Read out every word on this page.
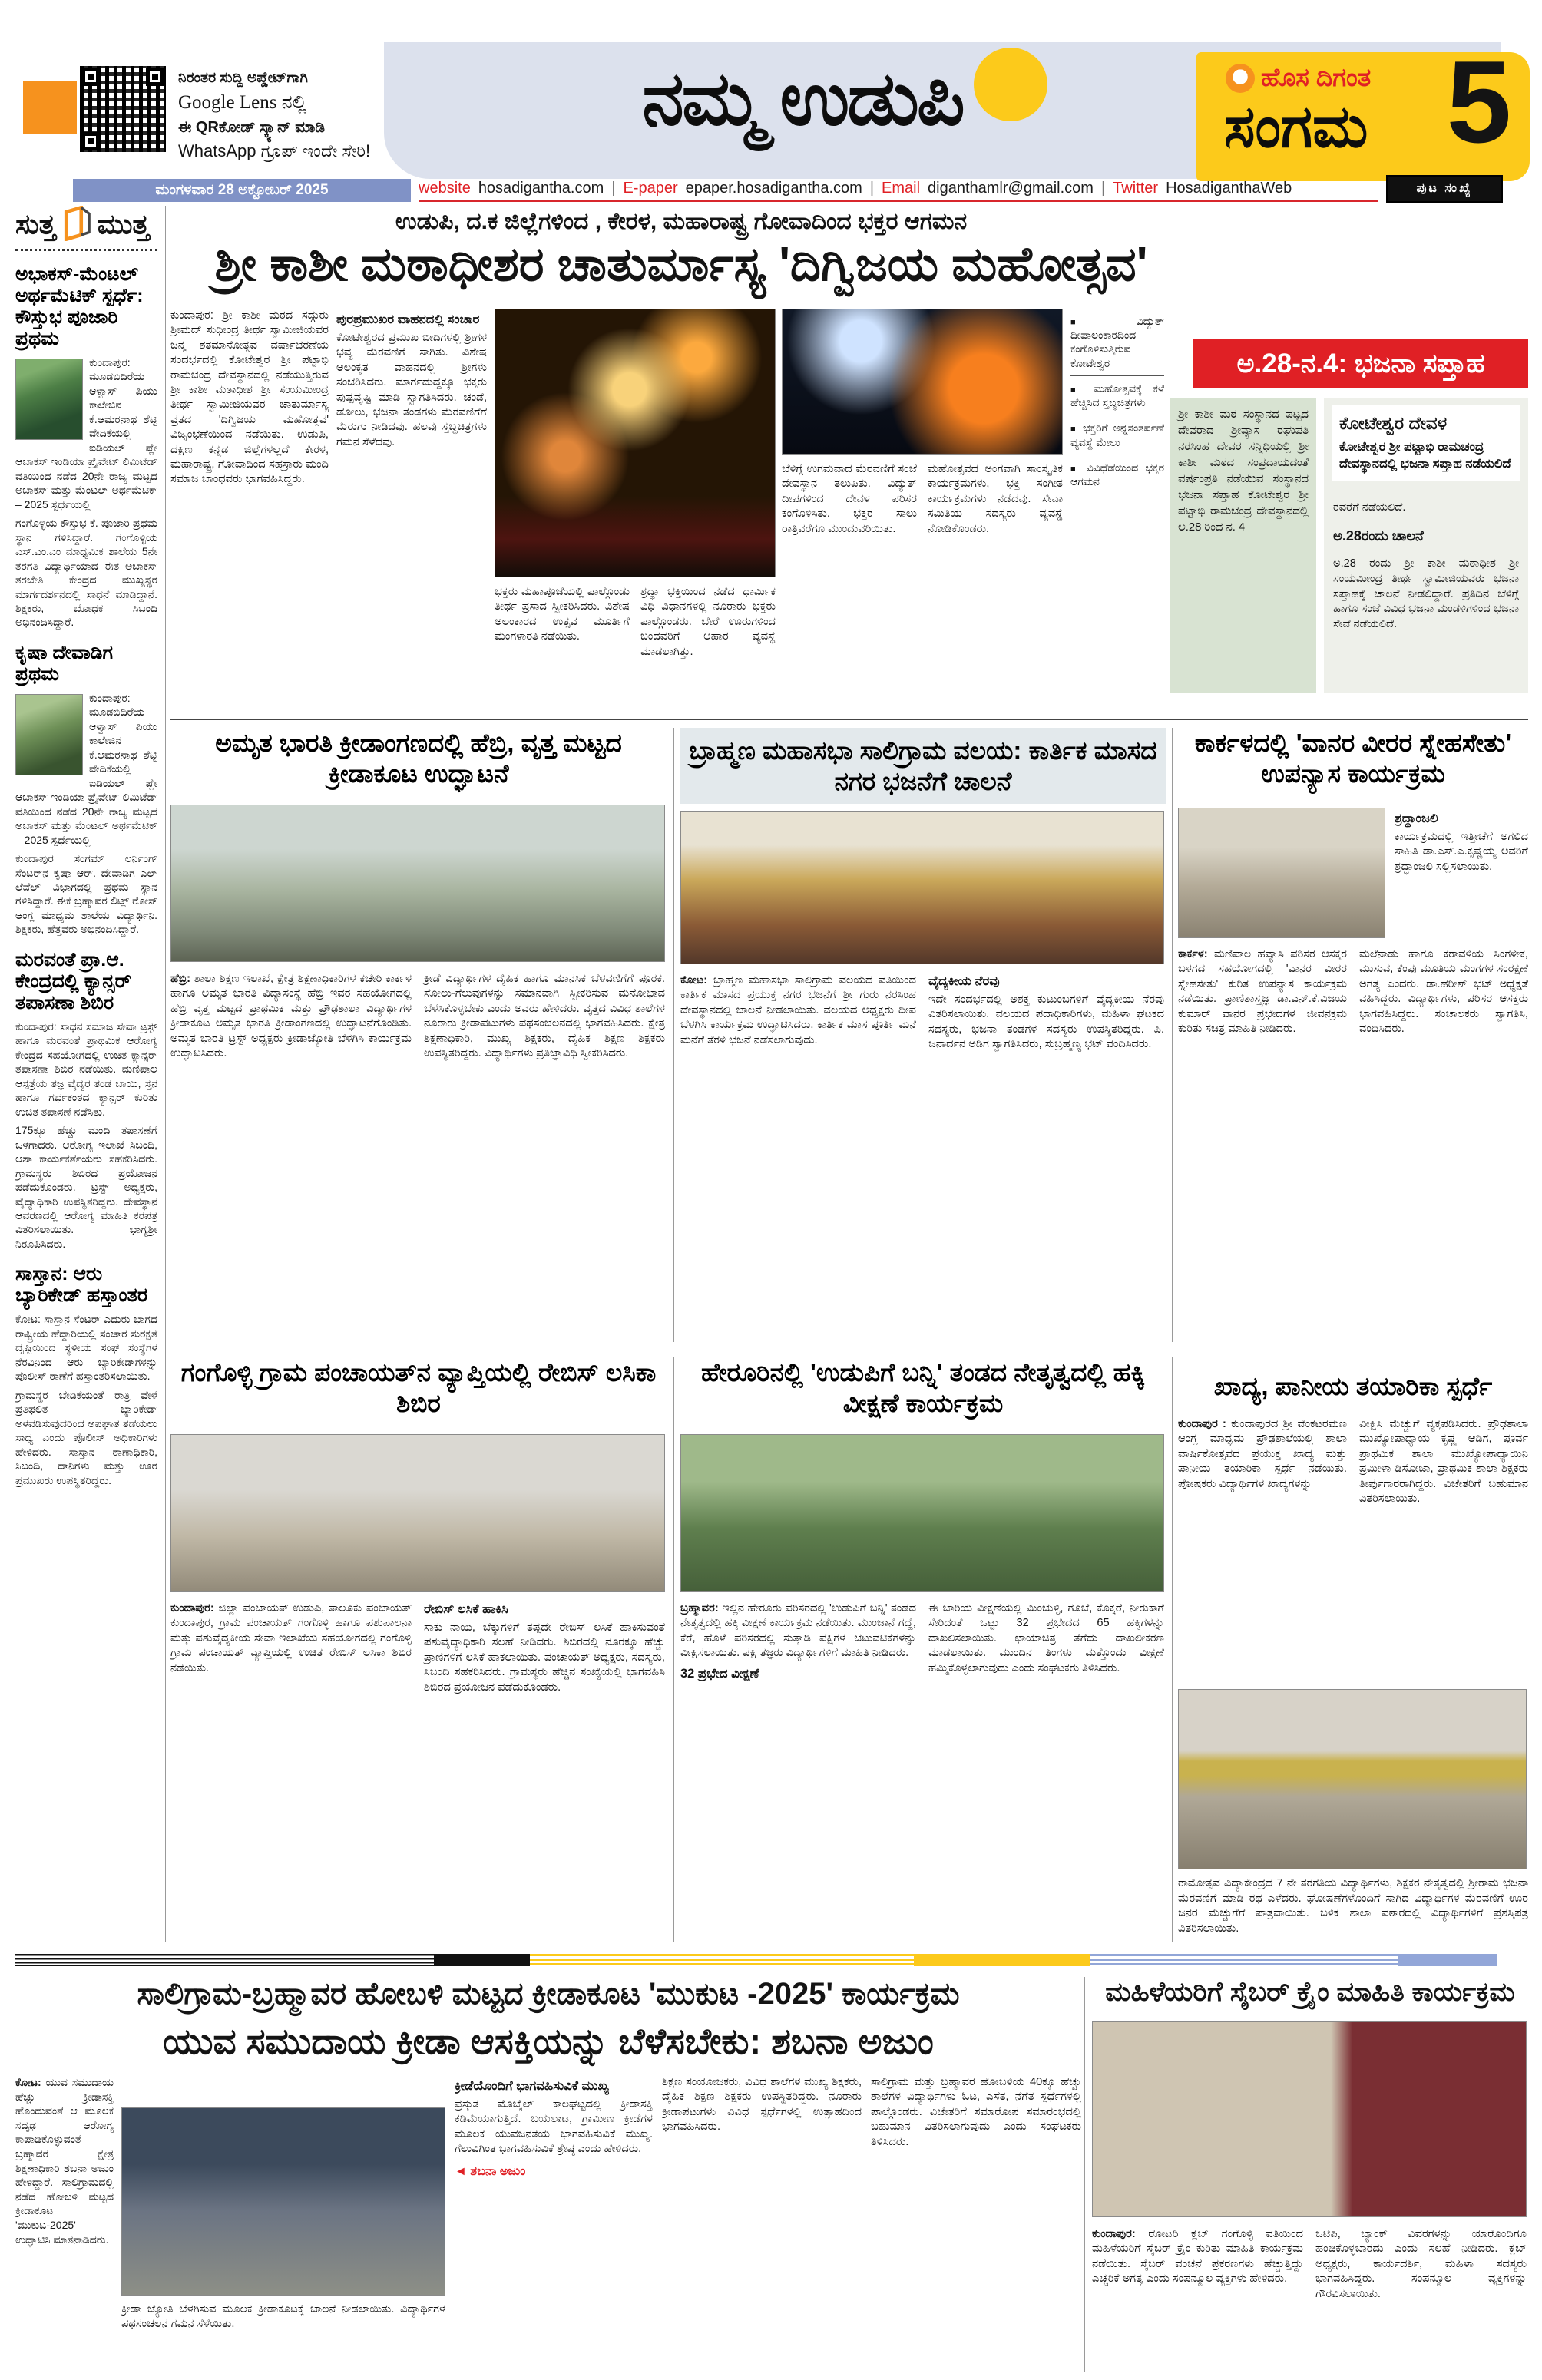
ನಿರಂತರ ಸುದ್ದಿ ಅಪ್ಡೇಟ್‌ಗಾಗಿ
Google Lens ನಲ್ಲಿ
ಈ QRಕೋಡ್ ಸ್ಕ್ಯಾನ್ ಮಾಡಿ
WhatsApp ಗ್ರೂಪ್ ಇಂದೇ ಸೇರಿ!
ನಮ್ಮ ಉಡುಪಿ	ಹೊಸ ದಿಗಂತ
ಸಂಗಮ 5
ಮಂಗಳವಾರ 28 ಅಕ್ಟೋಬರ್ 2025	website hosadigantha.com | E-paper epaper.hosadigantha.com | Email diganthamlr@gmail.com | Twitter HosadiganthaWeb	ಪುಟ ಸಂಖ್ಯೆ
ಸುತ್ತ ಮುತ್ತ
ಅಭಾಕಸ್-ಮೆಂಟಲ್ ಅರ್ಥಮೆಟಿಕ್ ಸ್ಪರ್ಧೆ: ಕೌಸ್ತುಭ ಪೂಜಾರಿ ಪ್ರಥಮ

ಕುಂದಾಪುರ: ಮೂಡಬಿದಿರೆಯ ಆಳ್ವಾಸ್ ಪಿಯು ಕಾಲೇಜಿನ ಕೆ.ಆಮರನಾಥ ಶೆಟ್ಟಿ ವೇದಿಕೆಯಲ್ಲಿ ಐಡಿಯಲ್ ಪ್ಲೇ ಆಬಾಕಸ್ ಇಂಡಿಯಾ ಪ್ರೈವೇಟ್ ಲಿಮಿಟೆಡ್ ವತಿಯಿಂದ ನಡೆದ 20ನೇ ರಾಜ್ಯ ಮಟ್ಟದ ಅಬಾಕಸ್ ಮತ್ತು ಮೆಂಟಲ್ ಅರ್ಥಮೆಟಿಕ್ – 2025 ಸ್ಪರ್ಧೆಯಲ್ಲಿ

ಗಂಗೊಳ್ಳಿಯ ಕೌಸ್ತುಭ ಕೆ. ಪೂಜಾರಿ ಪ್ರಥಮ ಸ್ಥಾನ ಗಳಿಸಿದ್ದಾರೆ. ಗಂಗೊಳ್ಳಿಯ ಎಸ್.ಎಂ.ಎಂ ಮಾಧ್ಯಮಿಕ ಶಾಲೆಯ 5ನೇ ತರಗತಿ ವಿದ್ಯಾರ್ಥಿಯಾದ ಈತ ಅಬಾಕಸ್ ತರಬೇತಿ ಕೇಂದ್ರದ ಮುಖ್ಯಸ್ಥರ ಮಾರ್ಗದರ್ಶನದಲ್ಲಿ ಸಾಧನೆ ಮಾಡಿದ್ದಾನೆ. ಶಿಕ್ಷಕರು, ಬೋಧಕ ಸಿಬಂದಿ ಅಭಿನಂದಿಸಿದ್ದಾರೆ.

ಕೃಷಾ ದೇವಾಡಿಗ ಪ್ರಥಮ

ಕುಂದಾಪುರ: ಮೂಡಬಿದಿರೆಯ ಆಳ್ವಾಸ್ ಪಿಯು ಕಾಲೇಜಿನ ಕೆ.ಆಮರನಾಥ ಶೆಟ್ಟಿ ವೇದಿಕೆಯಲ್ಲಿ ಐಡಿಯಲ್ ಪ್ಲೇ ಆಬಾಕಸ್ ಇಂಡಿಯಾ ಪ್ರೈವೇಟ್ ಲಿಮಿಟೆಡ್ ವತಿಯಿಂದ ನಡೆದ 20ನೇ ರಾಜ್ಯ ಮಟ್ಟದ ಅಬಾಕಸ್ ಮತ್ತು ಮೆಂಟಲ್ ಅರ್ಥಮೆಟಿಕ್ – 2025 ಸ್ಪರ್ಧೆಯಲ್ಲಿ

ಕುಂದಾಪುರ ಸಂಗಮ್ ಲರ್ನಿಂಗ್ ಸೆಂಟರ್‌ನ ಕೃಷಾ ಆರ್. ದೇವಾಡಿಗ ಎಲ್ ಲೆವೆಲ್ ವಿಭಾಗದಲ್ಲಿ ಪ್ರಥಮ ಸ್ಥಾನ ಗಳಿಸಿದ್ದಾರೆ. ಈಕೆ ಬ್ರಹ್ಮಾವರ ಲಿಟ್ಲ್ ರೋಸ್ ಆಂಗ್ಲ ಮಾಧ್ಯಮ ಶಾಲೆಯ ವಿದ್ಯಾರ್ಥಿನಿ. ಶಿಕ್ಷಕರು, ಹೆತ್ತವರು ಅಭಿನಂದಿಸಿದ್ದಾರೆ.

ಮರವಂತೆ ಪ್ರಾ.ಆ. ಕೇಂದ್ರದಲ್ಲಿ ಕ್ಯಾನ್ಸರ್ ತಪಾಸಣಾ ಶಿಬಿರ

ಕುಂದಾಪುರ: ಸಾಧನ ಸಮಾಜ ಸೇವಾ ಟ್ರಸ್ಟ್ ಹಾಗೂ ಮರವಂತೆ ಪ್ರಾಥಮಿಕ ಆರೋಗ್ಯ ಕೇಂದ್ರದ ಸಹಯೋಗದಲ್ಲಿ ಉಚಿತ ಕ್ಯಾನ್ಸರ್ ತಪಾಸಣಾ ಶಿಬಿರ ನಡೆಯಿತು. ಮಣಿಪಾಲ ಆಸ್ಪತ್ರೆಯ ತಜ್ಞ ವೈದ್ಯರ ತಂಡ ಬಾಯಿ, ಸ್ತನ ಹಾಗೂ ಗರ್ಭಕಂಠದ ಕ್ಯಾನ್ಸರ್ ಕುರಿತು ಉಚಿತ ತಪಾಸಣೆ ನಡೆಸಿತು.

175ಕ್ಕೂ ಹೆಚ್ಚು ಮಂದಿ ತಪಾಸಣೆಗೆ ಒಳಗಾದರು. ಆರೋಗ್ಯ ಇಲಾಖೆ ಸಿಬಂದಿ, ಆಶಾ ಕಾರ್ಯಕರ್ತೆಯರು ಸಹಕರಿಸಿದರು. ಗ್ರಾಮಸ್ಥರು ಶಿಬಿರದ ಪ್ರಯೋಜನ ಪಡೆದುಕೊಂಡರು. ಟ್ರಸ್ಟ್ ಅಧ್ಯಕ್ಷರು, ವೈದ್ಯಾಧಿಕಾರಿ ಉಪಸ್ಥಿತರಿದ್ದರು. ದೇವಸ್ಥಾನ ಆವರಣದಲ್ಲಿ ಆರೋಗ್ಯ ಮಾಹಿತಿ ಕರಪತ್ರ ವಿತರಿಸಲಾಯಿತು. ಭಾಗ್ಯಶ್ರೀ ನಿರೂಪಿಸಿದರು.

ಸಾಸ್ತಾನ: ಆರು ಬ್ಯಾರಿಕೇಡ್ ಹಸ್ತಾಂತರ

ಕೋಟ: ಸಾಸ್ತಾನ ಸೆಂಟರ್ ಎದುರು ಭಾಗದ ರಾಷ್ಟ್ರೀಯ ಹೆದ್ದಾರಿಯಲ್ಲಿ ಸಂಚಾರ ಸುರಕ್ಷತೆ ದೃಷ್ಟಿಯಿಂದ ಸ್ಥಳೀಯ ಸಂಘ ಸಂಸ್ಥೆಗಳ ನೆರವಿನಿಂದ ಆರು ಬ್ಯಾರಿಕೇಡ್‌ಗಳನ್ನು ಪೊಲೀಸ್ ಠಾಣೆಗೆ ಹಸ್ತಾಂತರಿಸಲಾಯಿತು.

ಗ್ರಾಮಸ್ಥರ ಬೇಡಿಕೆಯಂತೆ ರಾತ್ರಿ ವೇಳೆ ಪ್ರತಿಫಲಿತ ಬ್ಯಾರಿಕೇಡ್ ಅಳವಡಿಸುವುದರಿಂದ ಅಪಘಾತ ತಡೆಯಲು ಸಾಧ್ಯ ಎಂದು ಪೊಲೀಸ್ ಅಧಿಕಾರಿಗಳು ಹೇಳಿದರು. ಸಾಸ್ತಾನ ಠಾಣಾಧಿಕಾರಿ, ಸಿಬಂದಿ, ದಾನಿಗಳು ಮತ್ತು ಊರ ಪ್ರಮುಖರು ಉಪಸ್ಥಿತರಿದ್ದರು.

ಉಡುಪಿ, ದ.ಕ ಜಿಲ್ಲೆಗಳಿಂದ , ಕೇರಳ, ಮಹಾರಾಷ್ಟ್ರ ಗೋವಾದಿಂದ ಭಕ್ತರ ಆಗಮನ
ಶ್ರೀ ಕಾಶೀ ಮಠಾಧೀಶರ ಚಾತುರ್ಮಾಸ್ಯ 'ದಿಗ್ವಿಜಯ ಮಹೋತ್ಸವ'
ಅ.28-ನ.4: ಭಜನಾ ಸಪ್ತಾಹ
ಕುಂದಾಪುರ: ಶ್ರೀ ಕಾಶೀ ಮಠದ ಸದ್ಗುರು ಶ್ರೀಮದ್ ಸುಧೀಂದ್ರ ತೀರ್ಥ ಸ್ವಾಮೀಜಿಯವರ ಜನ್ಮ ಶತಮಾನೋತ್ಸವ ವರ್ಷಾಚರಣೆಯ ಸಂದರ್ಭದಲ್ಲಿ ಕೋಟೇಶ್ವರ ಶ್ರೀ ಪಟ್ಟಾಭಿ ರಾಮಚಂದ್ರ ದೇವಸ್ಥಾನದಲ್ಲಿ ನಡೆಯುತ್ತಿರುವ ಶ್ರೀ ಕಾಶೀ ಮಠಾಧೀಶ ಶ್ರೀ ಸಂಯಮೀಂದ್ರ ತೀರ್ಥ ಸ್ವಾಮೀಜಿಯವರ ಚಾತುರ್ಮಾಸ್ಯ ವ್ರತದ 'ದಿಗ್ವಿಜಯ ಮಹೋತ್ಸವ' ವಿಜೃಂಭಣೆಯಿಂದ ನಡೆಯಿತು. ಉಡುಪಿ, ದಕ್ಷಿಣ ಕನ್ನಡ ಜಿಲ್ಲೆಗಳಲ್ಲದೆ ಕೇರಳ, ಮಹಾರಾಷ್ಟ್ರ, ಗೋವಾದಿಂದ ಸಹಸ್ರಾರು ಮಂದಿ ಸಮಾಜ ಬಾಂಧವರು ಭಾಗವಹಿಸಿದ್ದರು.
ಪುರಪ್ರಮುಖರ ವಾಹನದಲ್ಲಿ ಸಂಚಾರ
ಕೋಟೇಶ್ವರದ ಪ್ರಮುಖ ಬೀದಿಗಳಲ್ಲಿ ಶ್ರೀಗಳ ಭವ್ಯ ಮೆರವಣಿಗೆ ಸಾಗಿತು. ವಿಶೇಷ ಅಲಂಕೃತ ವಾಹನದಲ್ಲಿ ಶ್ರೀಗಳು ಸಂಚರಿಸಿದರು. ಮಾರ್ಗದುದ್ದಕ್ಕೂ ಭಕ್ತರು ಪುಷ್ಪವೃಷ್ಟಿ ಮಾಡಿ ಸ್ವಾಗತಿಸಿದರು. ಚಂಡೆ, ಡೋಲು, ಭಜನಾ ತಂಡಗಳು ಮೆರವಣಿಗೆಗೆ ಮೆರುಗು ನೀಡಿದವು. ಹಲವು ಸ್ತಬ್ಧಚಿತ್ರಗಳು ಗಮನ ಸೆಳೆದವು.
ಭಕ್ತರು ಮಹಾಪೂಜೆಯಲ್ಲಿ ಪಾಲ್ಗೊಂಡು ತೀರ್ಥ ಪ್ರಸಾದ ಸ್ವೀಕರಿಸಿದರು. ವಿಶೇಷ ಅಲಂಕಾರದ ಉತ್ಸವ ಮೂರ್ತಿಗೆ ಮಂಗಳಾರತಿ ನಡೆಯಿತು.
ಶ್ರದ್ಧಾ ಭಕ್ತಿಯಿಂದ ನಡೆದ ಧಾರ್ಮಿಕ ವಿಧಿ ವಿಧಾನಗಳಲ್ಲಿ ನೂರಾರು ಭಕ್ತರು ಪಾಲ್ಗೊಂಡರು. ಬೇರೆ ಊರುಗಳಿಂದ ಬಂದವರಿಗೆ ಆಹಾರ ವ್ಯವಸ್ಥೆ ಮಾಡಲಾಗಿತ್ತು.
ಬೆಳಿಗ್ಗೆ ಉಗಮವಾದ ಮೆರವಣಿಗೆ ಸಂಜೆ ದೇವಸ್ಥಾನ ತಲುಪಿತು. ವಿದ್ಯುತ್ ದೀಪಗಳಿಂದ ದೇವಳ ಪರಿಸರ ಕಂಗೊಳಿಸಿತು. ಭಕ್ತರ ಸಾಲು ರಾತ್ರಿವರೆಗೂ ಮುಂದುವರಿಯಿತು.
ಮಹೋತ್ಸವದ ಅಂಗವಾಗಿ ಸಾಂಸ್ಕೃತಿಕ ಕಾರ್ಯಕ್ರಮಗಳು, ಭಕ್ತಿ ಸಂಗೀತ ಕಾರ್ಯಕ್ರಮಗಳು ನಡೆದವು. ಸೇವಾ ಸಮಿತಿಯ ಸದಸ್ಯರು ವ್ಯವಸ್ಥೆ ನೋಡಿಕೊಂಡರು.
■ ವಿದ್ಯುತ್ ದೀಪಾಲಂಕಾರದಿಂದ ಕಂಗೊಳಿಸುತ್ತಿರುವ ಕೋಟೇಶ್ವರ
■ ಮಹೋತ್ಸವಕ್ಕೆ ಕಳೆ ಹೆಚ್ಚಿಸಿದ ಸ್ತಬ್ಧಚಿತ್ರಗಳು
■ ಭಕ್ತರಿಗೆ ಅನ್ನಸಂತರ್ಪಣೆ ವ್ಯವಸ್ಥೆ ಮೇಲು
■ ವಿವಿಧೆಡೆಯಿಂದ ಭಕ್ತರ ಆಗಮನ
ಶ್ರೀ ಕಾಶೀ ಮಠ ಸಂಸ್ಥಾನದ ಪಟ್ಟದ ದೇವರಾದ ಶ್ರೀವ್ಯಾಸ ರಘುಪತಿ ನರಸಿಂಹ ದೇವರ ಸನ್ನಿಧಿಯಲ್ಲಿ ಶ್ರೀ ಕಾಶೀ ಮಠದ ಸಂಪ್ರದಾಯದಂತೆ ವರ್ಷಂಪ್ರತಿ ನಡೆಯುವ ಸಂಸ್ಥಾನದ ಭಜನಾ ಸಪ್ತಾಹ ಕೋಟೇಶ್ವರ ಶ್ರೀ ಪಟ್ಟಾಭಿ ರಾಮಚಂದ್ರ ದೇವಸ್ಥಾನದಲ್ಲಿ ಅ.28 ರಿಂದ ನ. 4
ಕೋಟೇಶ್ವರ ದೇವಳ
ಕೋಟೇಶ್ವರ ಶ್ರೀ ಪಟ್ಟಾಭಿ ರಾಮಚಂದ್ರ ದೇವಸ್ಥಾನದಲ್ಲಿ ಭಜನಾ ಸಪ್ತಾಹ ನಡೆಯಲಿದೆ

ರವರೆಗೆ ನಡೆಯಲಿದೆ.

ಅ.28ರಂದು ಚಾಲನೆ

ಅ.28 ರಂದು ಶ್ರೀ ಕಾಶೀ ಮಠಾಧೀಶ ಶ್ರೀ ಸಂಯಮೀಂದ್ರ ತೀರ್ಥ ಸ್ವಾಮೀಜಿಯವರು ಭಜನಾ ಸಪ್ತಾಹಕ್ಕೆ ಚಾಲನೆ ನೀಡಲಿದ್ದಾರೆ. ಪ್ರತಿದಿನ ಬೆಳಿಗ್ಗೆ ಹಾಗೂ ಸಂಜೆ ವಿವಿಧ ಭಜನಾ ಮಂಡಳಿಗಳಿಂದ ಭಜನಾ ಸೇವೆ ನಡೆಯಲಿದೆ.

ಅಮೃತ ಭಾರತಿ ಕ್ರೀಡಾಂಗಣದಲ್ಲಿ ಹೆಬ್ರಿ, ವೃತ್ತ ಮಟ್ಟದ ಕ್ರೀಡಾಕೂಟ ಉದ್ಘಾಟನೆ

ಹೆಬ್ರಿ: ಶಾಲಾ ಶಿಕ್ಷಣ ಇಲಾಖೆ, ಕ್ಷೇತ್ರ ಶಿಕ್ಷಣಾಧಿಕಾರಿಗಳ ಕಚೇರಿ ಕಾರ್ಕಳ ಹಾಗೂ ಅಮೃತ ಭಾರತಿ ವಿದ್ಯಾಸಂಸ್ಥೆ ಹೆಬ್ರಿ ಇವರ ಸಹಯೋಗದಲ್ಲಿ ಹೆಬ್ರಿ ವೃತ್ತ ಮಟ್ಟದ ಪ್ರಾಥಮಿಕ ಮತ್ತು ಪ್ರೌಢಶಾಲಾ ವಿದ್ಯಾರ್ಥಿಗಳ ಕ್ರೀಡಾಕೂಟ ಅಮೃತ ಭಾರತಿ ಕ್ರೀಡಾಂಗಣದಲ್ಲಿ ಉದ್ಘಾಟನೆಗೊಂಡಿತು. ಅಮೃತ ಭಾರತಿ ಟ್ರಸ್ಟ್ ಅಧ್ಯಕ್ಷರು ಕ್ರೀಡಾಜ್ಯೋತಿ ಬೆಳಗಿಸಿ ಕಾರ್ಯಕ್ರಮ ಉದ್ಘಾಟಿಸಿದರು.

ಕ್ರೀಡೆ ವಿದ್ಯಾರ್ಥಿಗಳ ದೈಹಿಕ ಹಾಗೂ ಮಾನಸಿಕ ಬೆಳವಣಿಗೆಗೆ ಪೂರಕ. ಸೋಲು-ಗೆಲುವುಗಳನ್ನು ಸಮಾನವಾಗಿ ಸ್ವೀಕರಿಸುವ ಮನೋಭಾವ ಬೆಳೆಸಿಕೊಳ್ಳಬೇಕು ಎಂದು ಅವರು ಹೇಳಿದರು. ವೃತ್ತದ ವಿವಿಧ ಶಾಲೆಗಳ ನೂರಾರು ಕ್ರೀಡಾಪಟುಗಳು ಪಥಸಂಚಲನದಲ್ಲಿ ಭಾಗವಹಿಸಿದರು. ಕ್ಷೇತ್ರ ಶಿಕ್ಷಣಾಧಿಕಾರಿ, ಮುಖ್ಯ ಶಿಕ್ಷಕರು, ದೈಹಿಕ ಶಿಕ್ಷಣ ಶಿಕ್ಷಕರು ಉಪಸ್ಥಿತರಿದ್ದರು. ವಿದ್ಯಾರ್ಥಿಗಳು ಪ್ರತಿಜ್ಞಾವಿಧಿ ಸ್ವೀಕರಿಸಿದರು.

ಬ್ರಾಹ್ಮಣ ಮಹಾಸಭಾ ಸಾಲಿಗ್ರಾಮ ವಲಯ: ಕಾರ್ತಿಕ ಮಾಸದ ನಗರ ಭಜನೆಗೆ ಚಾಲನೆ

ಕೋಟ: ಬ್ರಾಹ್ಮಣ ಮಹಾಸಭಾ ಸಾಲಿಗ್ರಾಮ ವಲಯದ ವತಿಯಿಂದ ಕಾರ್ತಿಕ ಮಾಸದ ಪ್ರಯುಕ್ತ ನಗರ ಭಜನೆಗೆ ಶ್ರೀ ಗುರು ನರಸಿಂಹ ದೇವಸ್ಥಾನದಲ್ಲಿ ಚಾಲನೆ ನೀಡಲಾಯಿತು. ವಲಯದ ಅಧ್ಯಕ್ಷರು ದೀಪ ಬೆಳಗಿಸಿ ಕಾರ್ಯಕ್ರಮ ಉದ್ಘಾಟಿಸಿದರು. ಕಾರ್ತಿಕ ಮಾಸ ಪೂರ್ತಿ ಮನೆ ಮನೆಗೆ ತೆರಳಿ ಭಜನೆ ನಡೆಸಲಾಗುವುದು.

ವೈದ್ಯಕೀಯ ನೆರವು

ಇದೇ ಸಂದರ್ಭದಲ್ಲಿ ಅಶಕ್ತ ಕುಟುಂಬಗಳಿಗೆ ವೈದ್ಯಕೀಯ ನೆರವು ವಿತರಿಸಲಾಯಿತು. ವಲಯದ ಪದಾಧಿಕಾರಿಗಳು, ಮಹಿಳಾ ಘಟಕದ ಸದಸ್ಯರು, ಭಜನಾ ತಂಡಗಳ ಸದಸ್ಯರು ಉಪಸ್ಥಿತರಿದ್ದರು. ಪಿ. ಜನಾರ್ದನ ಅಡಿಗ ಸ್ವಾಗತಿಸಿದರು, ಸುಬ್ರಹ್ಮಣ್ಯ ಭಟ್ ವಂದಿಸಿದರು.

ಕಾರ್ಕಳದಲ್ಲಿ 'ವಾನರ ವೀರರ ಸ್ನೇಹಸೇತು' ಉಪನ್ಯಾಸ ಕಾರ್ಯಕ್ರಮ
ಶ್ರದ್ಧಾಂಜಲಿ
ಕಾರ್ಯಕ್ರಮದಲ್ಲಿ ಇತ್ತೀಚೆಗೆ ಅಗಲಿದ ಸಾಹಿತಿ ಡಾ.ಎಸ್.ಎ.ಕೃಷ್ಣಯ್ಯ ಅವರಿಗೆ ಶ್ರದ್ಧಾಂಜಲಿ ಸಲ್ಲಿಸಲಾಯಿತು.

ಕಾರ್ಕಳ: ಮಣಿಪಾಲ ಹವ್ಯಾಸಿ ಪರಿಸರ ಆಸಕ್ತರ ಬಳಗದ ಸಹಯೋಗದಲ್ಲಿ 'ವಾನರ ವೀರರ ಸ್ನೇಹಸೇತು' ಕುರಿತ ಉಪನ್ಯಾಸ ಕಾರ್ಯಕ್ರಮ ನಡೆಯಿತು. ಪ್ರಾಣಿಶಾಸ್ತ್ರಜ್ಞ ಡಾ.ಎನ್.ಕೆ.ವಿಜಯ ಕುಮಾರ್ ವಾನರ ಪ್ರಭೇದಗಳ ಜೀವನಕ್ರಮ ಕುರಿತು ಸಚಿತ್ರ ಮಾಹಿತಿ ನೀಡಿದರು.

ಮಲೆನಾಡು ಹಾಗೂ ಕರಾವಳಿಯ ಸಿಂಗಳೀಕ, ಮುಸುವ, ಕೆಂಪು ಮೂತಿಯ ಮಂಗಗಳ ಸಂರಕ್ಷಣೆ ಅಗತ್ಯ ಎಂದರು. ಡಾ.ಹರೀಶ್ ಭಟ್ ಅಧ್ಯಕ್ಷತೆ ವಹಿಸಿದ್ದರು. ವಿದ್ಯಾರ್ಥಿಗಳು, ಪರಿಸರ ಆಸಕ್ತರು ಭಾಗವಹಿಸಿದ್ದರು. ಸಂಚಾಲಕರು ಸ್ವಾಗತಿಸಿ, ವಂದಿಸಿದರು.

ಗಂಗೊಳ್ಳಿ ಗ್ರಾಮ ಪಂಚಾಯತ್‌ನ ವ್ಯಾಪ್ತಿಯಲ್ಲಿ ರೇಬಿಸ್ ಲಸಿಕಾ ಶಿಬಿರ

ಕುಂದಾಪುರ: ಜಿಲ್ಲಾ ಪಂಚಾಯತ್ ಉಡುಪಿ, ತಾಲೂಕು ಪಂಚಾಯತ್ ಕುಂದಾಪುರ, ಗ್ರಾಮ ಪಂಚಾಯತ್ ಗಂಗೊಳ್ಳಿ ಹಾಗೂ ಪಶುಪಾಲನಾ ಮತ್ತು ಪಶುವೈದ್ಯಕೀಯ ಸೇವಾ ಇಲಾಖೆಯ ಸಹಯೋಗದಲ್ಲಿ ಗಂಗೊಳ್ಳಿ ಗ್ರಾಮ ಪಂಚಾಯತ್ ವ್ಯಾಪ್ತಿಯಲ್ಲಿ ಉಚಿತ ರೇಬಿಸ್ ಲಸಿಕಾ ಶಿಬಿರ ನಡೆಯಿತು.

ರೇಬಿಸ್ ಲಸಿಕೆ ಹಾಕಿಸಿ

ಸಾಕು ನಾಯಿ, ಬೆಕ್ಕುಗಳಿಗೆ ತಪ್ಪದೇ ರೇಬಿಸ್ ಲಸಿಕೆ ಹಾಕಿಸುವಂತೆ ಪಶುವೈದ್ಯಾಧಿಕಾರಿ ಸಲಹೆ ನೀಡಿದರು. ಶಿಬಿರದಲ್ಲಿ ನೂರಕ್ಕೂ ಹೆಚ್ಚು ಪ್ರಾಣಿಗಳಿಗೆ ಲಸಿಕೆ ಹಾಕಲಾಯಿತು. ಪಂಚಾಯತ್ ಅಧ್ಯಕ್ಷರು, ಸದಸ್ಯರು, ಸಿಬಂದಿ ಸಹಕರಿಸಿದರು. ಗ್ರಾಮಸ್ಥರು ಹೆಚ್ಚಿನ ಸಂಖ್ಯೆಯಲ್ಲಿ ಭಾಗವಹಿಸಿ ಶಿಬಿರದ ಪ್ರಯೋಜನ ಪಡೆದುಕೊಂಡರು.

ಹೇರೂರಿನಲ್ಲಿ 'ಉಡುಪಿಗೆ ಬನ್ನಿ' ತಂಡದ ನೇತೃತ್ವದಲ್ಲಿ ಹಕ್ಕಿ ವೀಕ್ಷಣೆ ಕಾರ್ಯಕ್ರಮ

ಬ್ರಹ್ಮಾವರ: ಇಲ್ಲಿನ ಹೇರೂರು ಪರಿಸರದಲ್ಲಿ 'ಉಡುಪಿಗೆ ಬನ್ನಿ' ತಂಡದ ನೇತೃತ್ವದಲ್ಲಿ ಹಕ್ಕಿ ವೀಕ್ಷಣೆ ಕಾರ್ಯಕ್ರಮ ನಡೆಯಿತು. ಮುಂಜಾನೆ ಗದ್ದೆ, ಕೆರೆ, ಹೊಳೆ ಪರಿಸರದಲ್ಲಿ ಸುತ್ತಾಡಿ ಪಕ್ಷಿಗಳ ಚಟುವಟಿಕೆಗಳನ್ನು ವೀಕ್ಷಿಸಲಾಯಿತು. ಪಕ್ಷಿ ತಜ್ಞರು ವಿದ್ಯಾರ್ಥಿಗಳಿಗೆ ಮಾಹಿತಿ ನೀಡಿದರು.

32 ಪ್ರಭೇದ ವೀಕ್ಷಣೆ

ಈ ಬಾರಿಯ ವೀಕ್ಷಣೆಯಲ್ಲಿ ಮಿಂಚುಳ್ಳಿ, ಗೂಬೆ, ಕೊಕ್ಕರೆ, ನೀರುಕಾಗೆ ಸೇರಿದಂತೆ ಒಟ್ಟು 32 ಪ್ರಭೇದದ 65 ಹಕ್ಕಿಗಳನ್ನು ದಾಖಲಿಸಲಾಯಿತು. ಛಾಯಾಚಿತ್ರ ತೆಗೆದು ದಾಖಲೀಕರಣ ಮಾಡಲಾಯಿತು. ಮುಂದಿನ ತಿಂಗಳು ಮತ್ತೊಂದು ವೀಕ್ಷಣೆ ಹಮ್ಮಿಕೊಳ್ಳಲಾಗುವುದು ಎಂದು ಸಂಘಟಕರು ತಿಳಿಸಿದರು.

ಖಾದ್ಯ, ಪಾನೀಯ ತಯಾರಿಕಾ ಸ್ಪರ್ಧೆ

ಕುಂದಾಪುರ : ಕುಂದಾಪುರದ ಶ್ರೀ ವೆಂಕಟರಮಣ ಆಂಗ್ಲ ಮಾಧ್ಯಮ ಪ್ರೌಢಶಾಲೆಯಲ್ಲಿ ಶಾಲಾ ವಾರ್ಷಿಕೋತ್ಸವದ ಪ್ರಯುಕ್ತ ಖಾದ್ಯ ಮತ್ತು ಪಾನೀಯ ತಯಾರಿಕಾ ಸ್ಪರ್ಧೆ ನಡೆಯಿತು. ಪೋಷಕರು ವಿದ್ಯಾರ್ಥಿಗಳ ಖಾದ್ಯಗಳನ್ನು

ವೀಕ್ಷಿಸಿ ಮೆಚ್ಚುಗೆ ವ್ಯಕ್ತಪಡಿಸಿದರು. ಪ್ರೌಢಶಾಲಾ ಮುಖ್ಯೋಪಾಧ್ಯಾಯ ಕೃಷ್ಣ ಆಡಿಗ, ಪೂರ್ವ ಪ್ರಾಥಮಿಕ ಶಾಲಾ ಮುಖ್ಯೋಪಾಧ್ಯಾಯಿನಿ ಪ್ರಮೀಳಾ ಡಿಸೋಜಾ, ಪ್ರಾಥಮಿಕ ಶಾಲಾ ಶಿಕ್ಷಕರು ತೀರ್ಪುಗಾರರಾಗಿದ್ದರು. ವಿಜೇತರಿಗೆ ಬಹುಮಾನ ವಿತರಿಸಲಾಯಿತು.

ರಾಮೋತ್ಸವ ವಿದ್ಯಾಕೇಂದ್ರದ 7 ನೇ ತರಗತಿಯ ವಿದ್ಯಾರ್ಥಿಗಳು, ಶಿಕ್ಷಕರ ನೇತೃತ್ವದಲ್ಲಿ ಶ್ರೀರಾಮ ಭಜನಾ ಮೆರವಣಿಗೆ ಮಾಡಿ ರಥ ಎಳೆದರು. ಘೋಷಣೆಗಳೊಂದಿಗೆ ಸಾಗಿದ ವಿದ್ಯಾರ್ಥಿಗಳ ಮೆರವಣಿಗೆ ಊರ ಜನರ ಮೆಚ್ಚುಗೆಗೆ ಪಾತ್ರವಾಯಿತು. ಬಳಿಕ ಶಾಲಾ ವಠಾರದಲ್ಲಿ ವಿದ್ಯಾರ್ಥಿಗಳಿಗೆ ಪ್ರಶಸ್ತಿಪತ್ರ ವಿತರಿಸಲಾಯಿತು.
ಸಾಲಿಗ್ರಾಮ-ಬ್ರಹ್ಮಾವರ ಹೋಬಳಿ ಮಟ್ಟದ ಕ್ರೀಡಾಕೂಟ 'ಮುಕುಟ -2025' ಕಾರ್ಯಕ್ರಮ
ಯುವ ಸಮುದಾಯ ಕ್ರೀಡಾ ಆಸಕ್ತಿಯನ್ನು ಬೆಳೆಸಬೇಕು: ಶಬನಾ ಅಜುಂ
ಕೋಟ: ಯುವ ಸಮುದಾಯ ಹೆಚ್ಚು ಕ್ರೀಡಾಸಕ್ತಿ ಹೊಂದುವಂತೆ ಆ ಮೂಲಕ ಸದೃಢ ಆರೋಗ್ಯ ಕಾಪಾಡಿಕೊಳ್ಳುವಂತೆ ಬ್ರಹ್ಮಾವರ ಕ್ಷೇತ್ರ ಶಿಕ್ಷಣಾಧಿಕಾರಿ ಶಬನಾ ಅಜುಂ ಹೇಳಿದ್ದಾರೆ. ಸಾಲಿಗ್ರಾಮದಲ್ಲಿ ನಡೆದ ಹೋಬಳಿ ಮಟ್ಟದ ಕ್ರೀಡಾಕೂಟ 'ಮುಕುಟ-2025' ಉದ್ಘಾಟಿಸಿ ಮಾತನಾಡಿದರು.
ಕ್ರೀಡಾ ಜ್ಯೋತಿ ಬೆಳಗಿಸುವ ಮೂಲಕ ಕ್ರೀಡಾಕೂಟಕ್ಕೆ ಚಾಲನೆ ನೀಡಲಾಯಿತು. ವಿದ್ಯಾರ್ಥಿಗಳ ಪಥಸಂಚಲನ ಗಮನ ಸೆಳೆಯಿತು.
ಕ್ರೀಡೆಯೊಂದಿಗೆ ಭಾಗವಹಿಸುವಿಕೆ ಮುಖ್ಯ
ಪ್ರಸ್ತುತ ಮೊಬೈಲ್ ಕಾಲಘಟ್ಟದಲ್ಲಿ ಕ್ರೀಡಾಸಕ್ತಿ ಕಡಿಮೆಯಾಗುತ್ತಿದೆ. ಬಯಲಾಟ, ಗ್ರಾಮೀಣ ಕ್ರೀಡೆಗಳ ಮೂಲಕ ಯುವಜನತೆಯ ಭಾಗವಹಿಸುವಿಕೆ ಮುಖ್ಯ. ಗೆಲುವಿಗಿಂತ ಭಾಗವಹಿಸುವಿಕೆ ಶ್ರೇಷ್ಠ ಎಂದು ಹೇಳಿದರು.
◄ ಶಬನಾ ಅಜುಂ
ಶಿಕ್ಷಣ ಸಂಯೋಜಕರು, ವಿವಿಧ ಶಾಲೆಗಳ ಮುಖ್ಯ ಶಿಕ್ಷಕರು, ದೈಹಿಕ ಶಿಕ್ಷಣ ಶಿಕ್ಷಕರು ಉಪಸ್ಥಿತರಿದ್ದರು. ನೂರಾರು ಕ್ರೀಡಾಪಟುಗಳು ವಿವಿಧ ಸ್ಪರ್ಧೆಗಳಲ್ಲಿ ಉತ್ಸಾಹದಿಂದ ಭಾಗವಹಿಸಿದರು.
ಸಾಲಿಗ್ರಾಮ ಮತ್ತು ಬ್ರಹ್ಮಾವರ ಹೋಬಳಿಯ 40ಕ್ಕೂ ಹೆಚ್ಚು ಶಾಲೆಗಳ ವಿದ್ಯಾರ್ಥಿಗಳು ಓಟ, ಎಸೆತ, ನೆಗೆತ ಸ್ಪರ್ಧೆಗಳಲ್ಲಿ ಪಾಲ್ಗೊಂಡರು. ವಿಜೇತರಿಗೆ ಸಮಾರೋಪ ಸಮಾರಂಭದಲ್ಲಿ ಬಹುಮಾನ ವಿತರಿಸಲಾಗುವುದು ಎಂದು ಸಂಘಟಕರು ತಿಳಿಸಿದರು.
ಮಹಿಳೆಯರಿಗೆ ಸೈಬರ್ ಕ್ರೈಂ ಮಾಹಿತಿ ಕಾರ್ಯಕ್ರಮ

ಕುಂದಾಪುರ: ರೋಟರಿ ಕ್ಲಬ್ ಗಂಗೊಳ್ಳಿ ವತಿಯಿಂದ ಮಹಿಳೆಯರಿಗೆ ಸೈಬರ್ ಕ್ರೈಂ ಕುರಿತು ಮಾಹಿತಿ ಕಾರ್ಯಕ್ರಮ ನಡೆಯಿತು. ಸೈಬರ್ ವಂಚನೆ ಪ್ರಕರಣಗಳು ಹೆಚ್ಚುತ್ತಿದ್ದು ಎಚ್ಚರಿಕೆ ಅಗತ್ಯ ಎಂದು ಸಂಪನ್ಮೂಲ ವ್ಯಕ್ತಿಗಳು ಹೇಳಿದರು.

ಒಟಿಪಿ, ಬ್ಯಾಂಕ್ ವಿವರಗಳನ್ನು ಯಾರೊಂದಿಗೂ ಹಂಚಿಕೊಳ್ಳಬಾರದು ಎಂದು ಸಲಹೆ ನೀಡಿದರು. ಕ್ಲಬ್ ಅಧ್ಯಕ್ಷರು, ಕಾರ್ಯದರ್ಶಿ, ಮಹಿಳಾ ಸದಸ್ಯರು ಭಾಗವಹಿಸಿದ್ದರು. ಸಂಪನ್ಮೂಲ ವ್ಯಕ್ತಿಗಳನ್ನು ಗೌರವಿಸಲಾಯಿತು.
